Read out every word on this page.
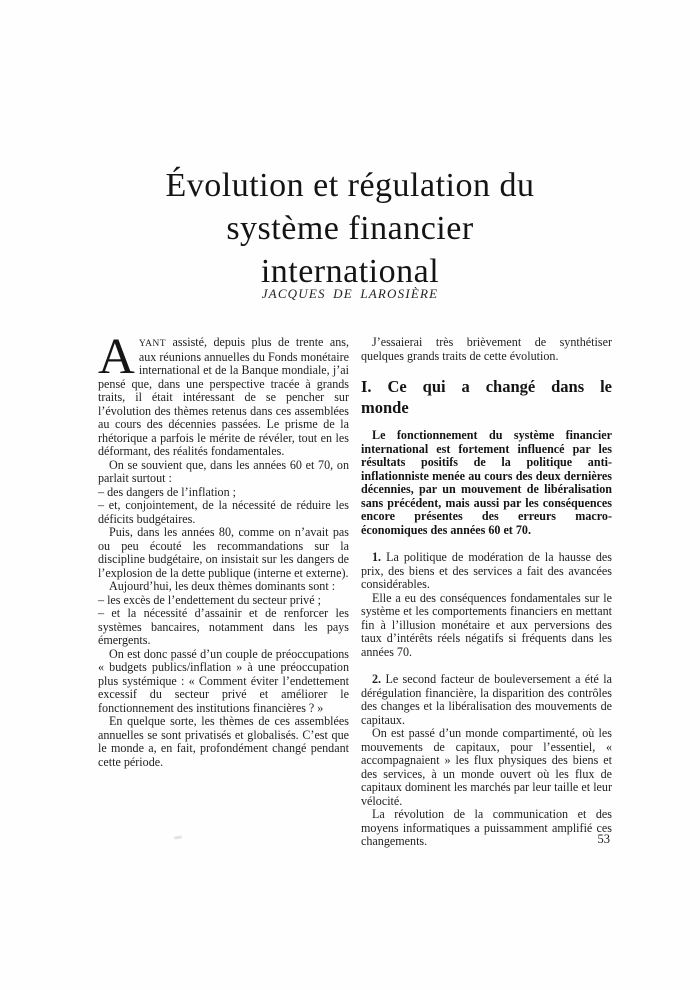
Évolution et régulation du
système financier
international
JACQUES DE LAROSIÈRE

AYANT assisté, depuis plus de trente ans, aux réunions annuelles du Fonds monétaire international et de la Banque mondiale, j’ai pensé que, dans une perspective tracée à grands traits, il était intéressant de se pencher sur l’évolution des thèmes retenus dans ces assemblées au cours des décennies passées. Le prisme de la rhétorique a parfois le mérite de révéler, tout en les déformant, des réalités fondamentales.

On se souvient que, dans les années 60 et 70, on parlait surtout :

– des dangers de l’inflation ;

– et, conjointement, de la nécessité de réduire les déficits budgétaires.

Puis, dans les années 80, comme on n’avait pas ou peu écouté les recommandations sur la discipline budgétaire, on insistait sur les dangers de l’explosion de la dette publique (interne et externe).

Aujourd’hui, les deux thèmes dominants sont :

– les excès de l’endettement du secteur privé ;

– et la nécessité d’assainir et de renforcer les systèmes bancaires, notamment dans les pays émergents.

On est donc passé d’un couple de préoccupations « budgets publics/inflation » à une préoccupation plus systémique : « Comment éviter l’endettement excessif du secteur privé et améliorer le fonctionnement des institutions financières ? »

En quelque sorte, les thèmes de ces assemblées annuelles se sont privatisés et globalisés. C’est que le monde a, en fait, profondément changé pendant cette période.

J’essaierai très brièvement de synthétiser quelques grands traits de cette évolution.

I. Ce qui a changé dans le monde

Le fonctionnement du système financier international est fortement influencé par les résultats positifs de la politique anti-inflationniste menée au cours des deux dernières décennies, par un mouvement de libéralisation sans précédent, mais aussi par les conséquences encore présentes des erreurs macro-économiques des années 60 et 70.

1. La politique de modération de la hausse des prix, des biens et des services a fait des avancées considérables.

Elle a eu des conséquences fondamentales sur le système et les comportements financiers en mettant fin à l’illusion monétaire et aux perversions des taux d’intérêts réels négatifs si fréquents dans les années 70.

2. Le second facteur de bouleversement a été la dérégulation financière, la disparition des contrôles des changes et la libéralisation des mouvements de capitaux.

On est passé d’un monde compartimenté, où les mouvements de capitaux, pour l’essentiel, « accompagnaient » les flux physiques des biens et des services, à un monde ouvert où les flux de capitaux dominent les marchés par leur taille et leur vélocité.

La révolution de la communication et des moyens informatiques a puissamment amplifié ces changements.	53
